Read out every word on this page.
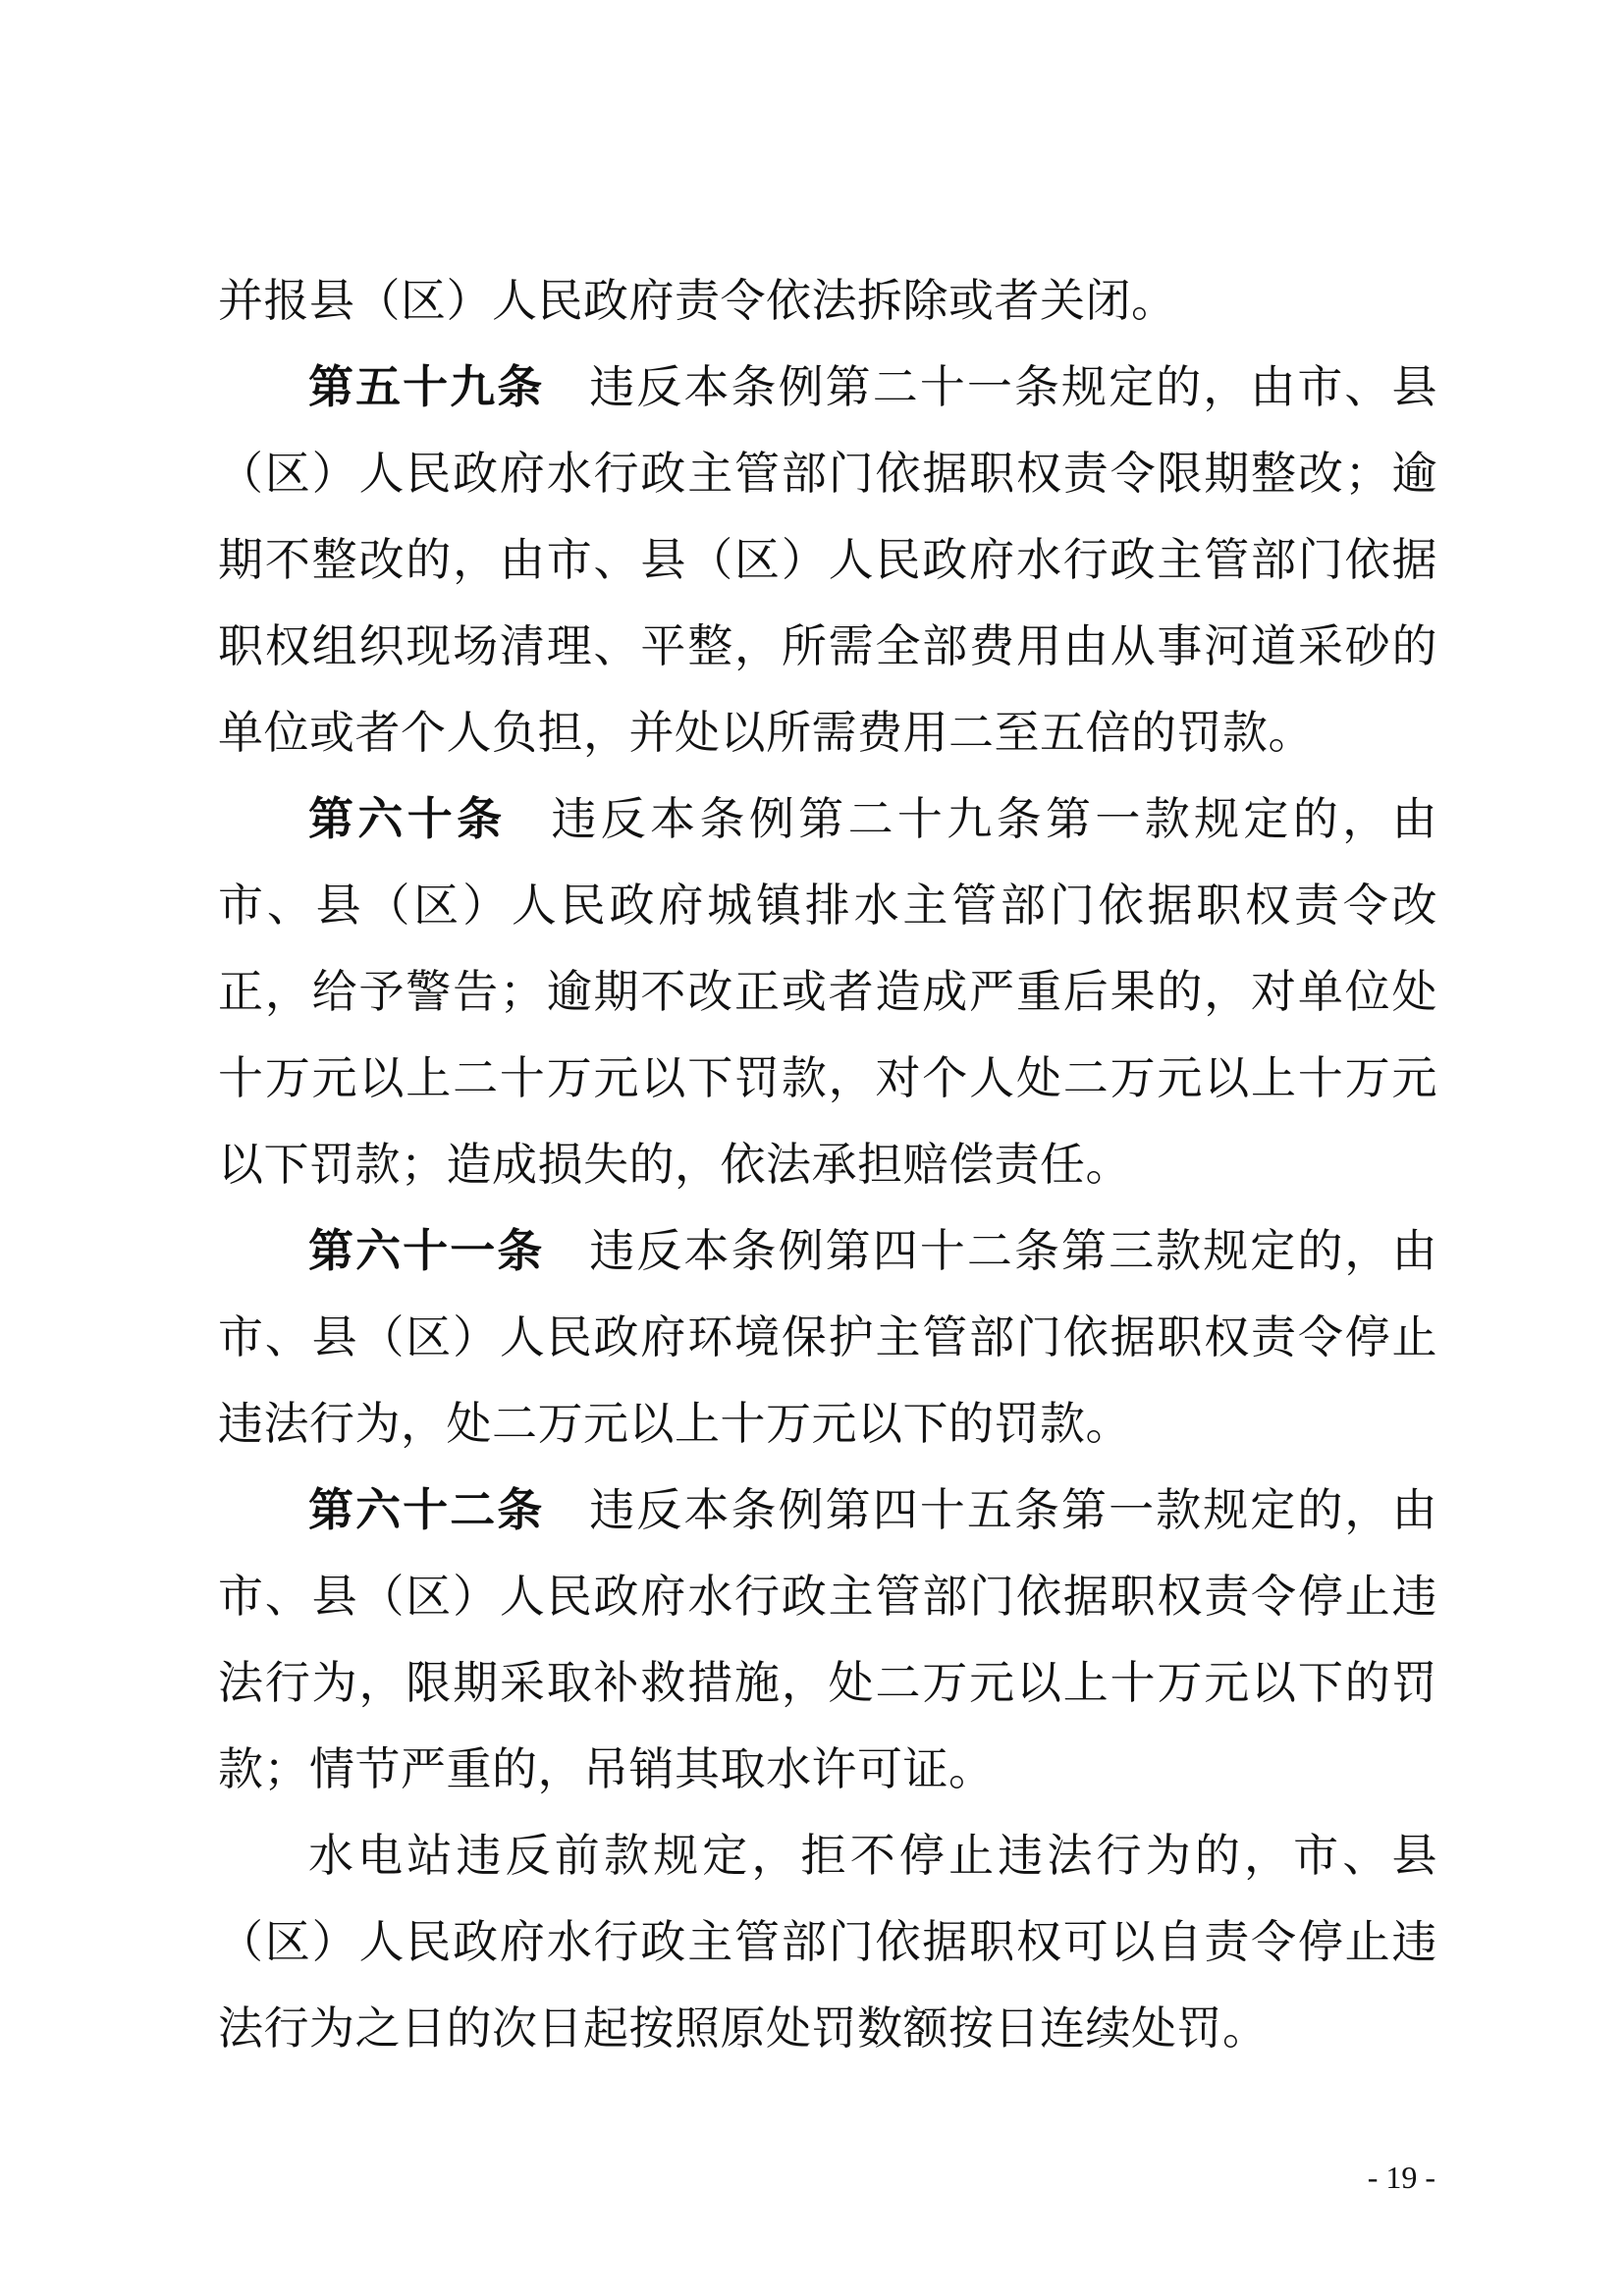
并报县（区）人民政府责令依法拆除或者关闭。

第五十九条 违反本条例第二十一条规定的，由市、县（区）人民政府水行政主管部门依据职权责令限期整改；逾期不整改的，由市、县（区）人民政府水行政主管部门依据职权组织现场清理、平整，所需全部费用由从事河道采砂的单位或者个人负担，并处以所需费用二至五倍的罚款。

第六十条 违反本条例第二十九条第一款规定的，由市、县（区）人民政府城镇排水主管部门依据职权责令改正，给予警告；逾期不改正或者造成严重后果的，对单位处十万元以上二十万元以下罚款，对个人处二万元以上十万元以下罚款；造成损失的，依法承担赔偿责任。

第六十一条 违反本条例第四十二条第三款规定的，由市、县（区）人民政府环境保护主管部门依据职权责令停止违法行为，处二万元以上十万元以下的罚款。

第六十二条 违反本条例第四十五条第一款规定的，由市、县（区）人民政府水行政主管部门依据职权责令停止违法行为，限期采取补救措施，处二万元以上十万元以下的罚款；情节严重的，吊销其取水许可证。

水电站违反前款规定，拒不停止违法行为的，市、县（区）人民政府水行政主管部门依据职权可以自责令停止违法行为之日的次日起按照原处罚数额按日连续处罚。

- 19 -
